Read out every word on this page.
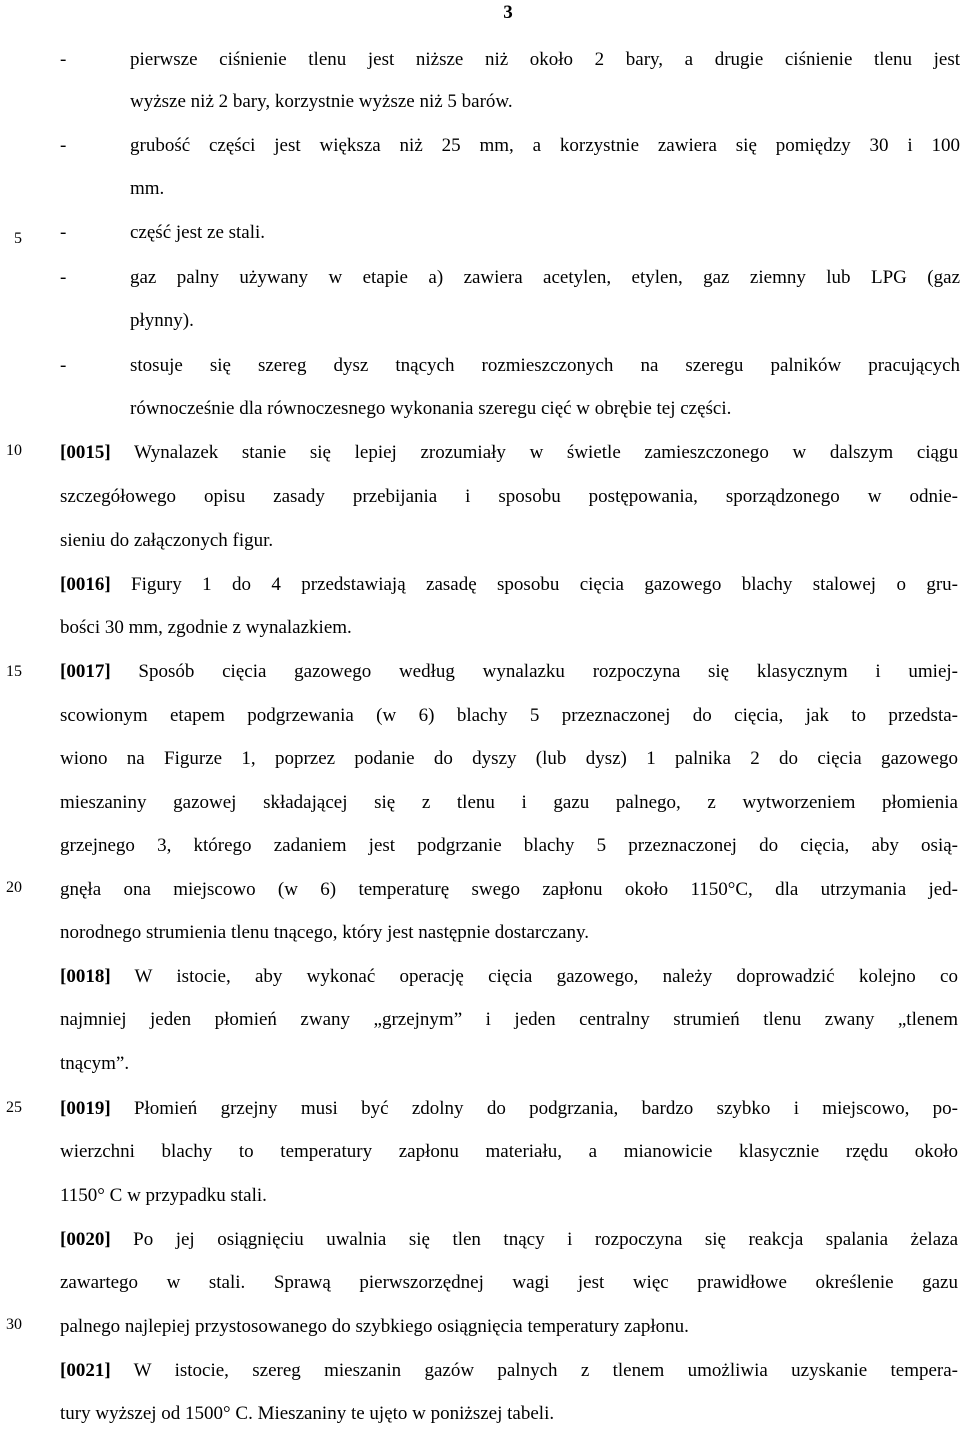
3
5
10
15
20
25
30
-	pierwsze ciśnienie tlenu jest niższe niż około 2 bary, a drugie ciśnienie tlenu jest
wyższe niż 2 bary, korzystnie wyższe niż 5 barów.
-	grubość części jest większa niż 25 mm, a korzystnie zawiera się pomiędzy 30 i 100
mm.
-	część jest ze stali.
-	gaz palny używany w etapie a) zawiera acetylen, etylen, gaz ziemny lub LPG (gaz
płynny).
-	stosuje się szereg dysz tnących rozmieszczonych na szeregu palników pracujących
równocześnie dla równoczesnego wykonania szeregu cięć w obrębie tej części.
[0015] Wynalazek stanie się lepiej zrozumiały w świetle zamieszczonego w dalszym ciągu
szczegółowego opisu zasady przebijania i sposobu postępowania, sporządzonego w odnie-
sieniu do załączonych figur.
[0016] Figury 1 do 4 przedstawiają zasadę sposobu cięcia gazowego blachy stalowej o gru-
bości 30 mm, zgodnie z wynalazkiem.
[0017] Sposób cięcia gazowego według wynalazku rozpoczyna się klasycznym i umiej-
scowionym etapem podgrzewania (w 6) blachy 5 przeznaczonej do cięcia, jak to przedsta-
wiono na Figurze 1, poprzez podanie do dyszy (lub dysz) 1 palnika 2 do cięcia gazowego
mieszaniny gazowej składającej się z tlenu i gazu palnego, z wytworzeniem płomienia
grzejnego 3, którego zadaniem jest podgrzanie blachy 5 przeznaczonej do cięcia, aby osią-
gnęła ona miejscowo (w 6) temperaturę swego zapłonu około 1150°C, dla utrzymania jed-
norodnego strumienia tlenu tnącego, który jest następnie dostarczany.
[0018] W istocie, aby wykonać operację cięcia gazowego, należy doprowadzić kolejno co
najmniej jeden płomień zwany „grzejnym” i jeden centralny strumień tlenu zwany „tlenem
tnącym”.
[0019] Płomień grzejny musi być zdolny do podgrzania, bardzo szybko i miejscowo, po-
wierzchni blachy to temperatury zapłonu materiału, a mianowicie klasycznie rzędu około
1150° C w przypadku stali.
[0020] Po jej osiągnięciu uwalnia się tlen tnący i rozpoczyna się reakcja spalania żelaza
zawartego w stali. Sprawą pierwszorzędnej wagi jest więc prawidłowe określenie gazu
palnego najlepiej przystosowanego do szybkiego osiągnięcia temperatury zapłonu.
[0021] W istocie, szereg mieszanin gazów palnych z tlenem umożliwia uzyskanie tempera-
tury wyższej od 1500° C. Mieszaniny te ujęto w poniższej tabeli.
